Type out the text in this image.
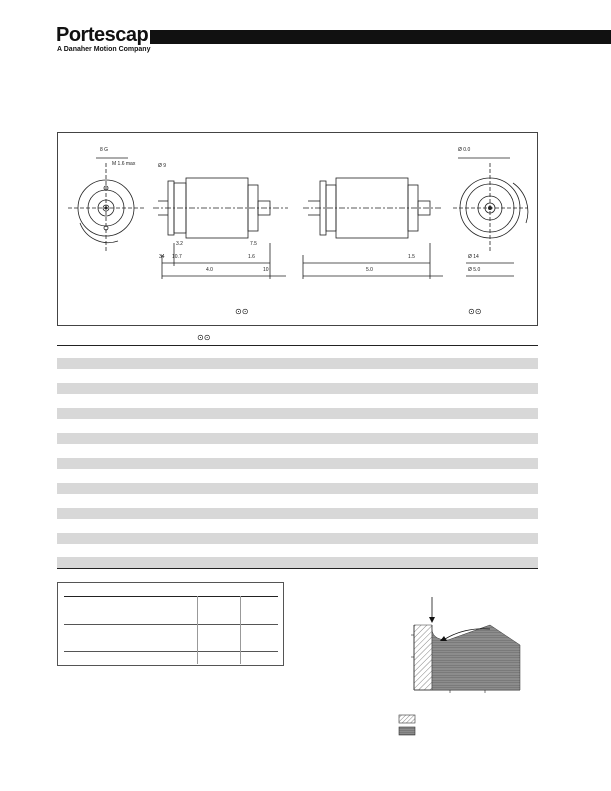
Portescap
A Danaher Motion Company
8 G
M 1.6 max
3.2
34 10.7
7.5
1.6
10
4.0	5.0
1.5	Ø 14
Ø 5.0
Ø 9
Ø 0.0
⊙⊙	⊙⊙
⊙⊙
